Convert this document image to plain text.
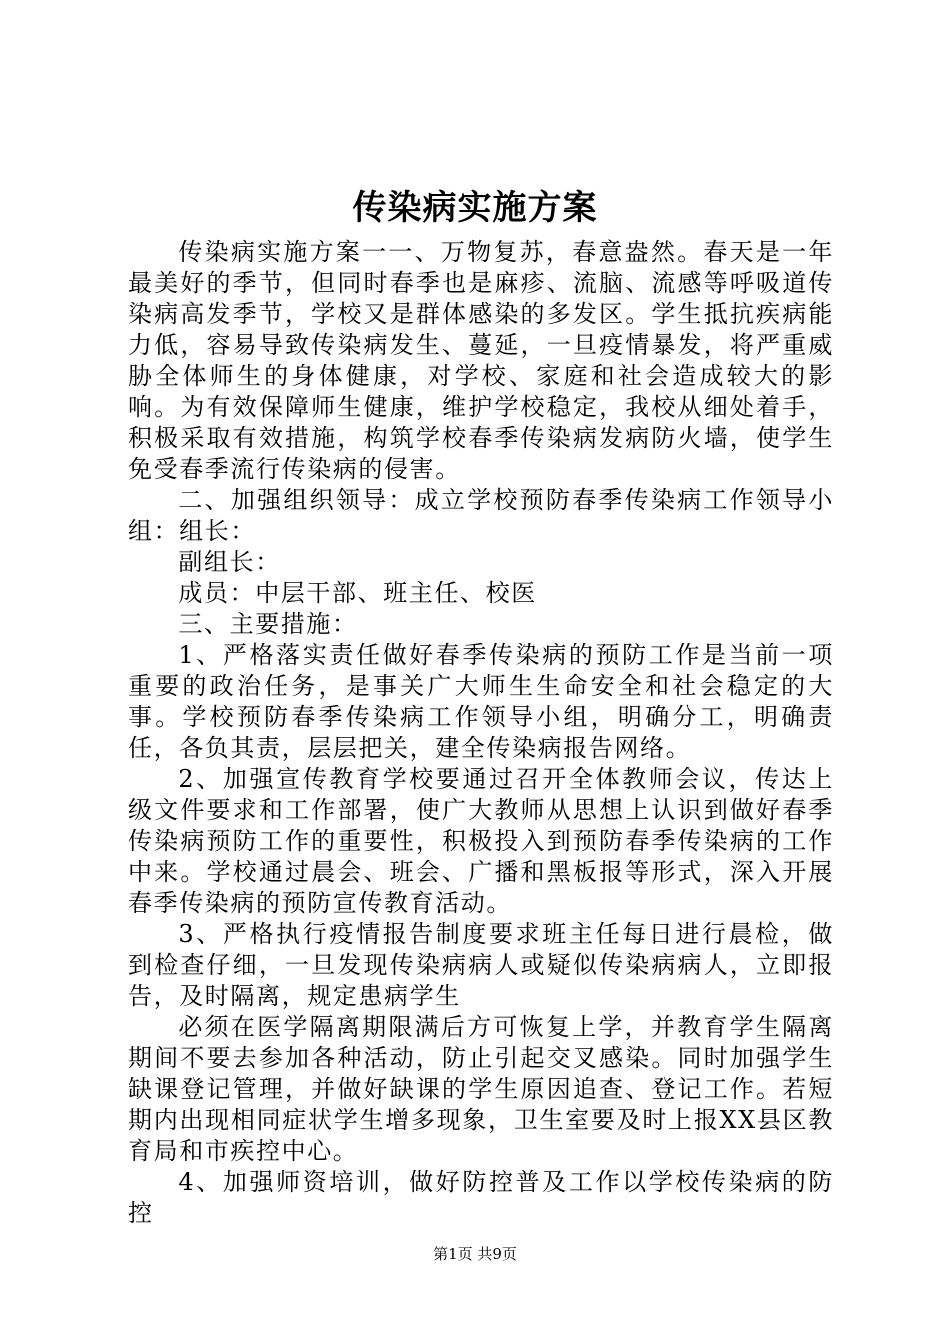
传染病实施方案

传染病实施方案一一、万物复苏，春意盎然。春天是一年最美好的季节，但同时春季也是麻疹、流脑、流感等呼吸道传染病高发季节，学校又是群体感染的多发区。学生抵抗疾病能力低，容易导致传染病发生、蔓延，一旦疫情暴发，将严重威胁全体师生的身体健康，对学校、家庭和社会造成较大的影响。为有效保障师生健康，维护学校稳定，我校从细处着手，积极采取有效措施，构筑学校春季传染病发病防火墙，使学生免受春季流行传染病的侵害。

二、加强组织领导：成立学校预防春季传染病工作领导小组：组长：

副组长：

成员：中层干部、班主任、校医

三、主要措施：

1、严格落实责任做好春季传染病的预防工作是当前一项重要的政治任务，是事关广大师生生命安全和社会稳定的大事。学校预防春季传染病工作领导小组，明确分工，明确责任，各负其责，层层把关，建全传染病报告网络。

2、加强宣传教育学校要通过召开全体教师会议，传达上级文件要求和工作部署，使广大教师从思想上认识到做好春季传染病预防工作的重要性，积极投入到预防春季传染病的工作中来。学校通过晨会、班会、广播和黑板报等形式，深入开展春季传染病的预防宣传教育活动。

3、严格执行疫情报告制度要求班主任每日进行晨检，做到检查仔细，一旦发现传染病病人或疑似传染病病人，立即报告，及时隔离，规定患病学生

必须在医学隔离期限满后方可恢复上学，并教育学生隔离期间不要去参加各种活动，防止引起交叉感染。同时加强学生缺课登记管理，并做好缺课的学生原因追查、登记工作。若短期内出现相同症状学生增多现象，卫生室要及时上报XX县区教育局和市疾控中心。

4、加强师资培训，做好防控普及工作以学校传染病的防控

第1页 共9页
